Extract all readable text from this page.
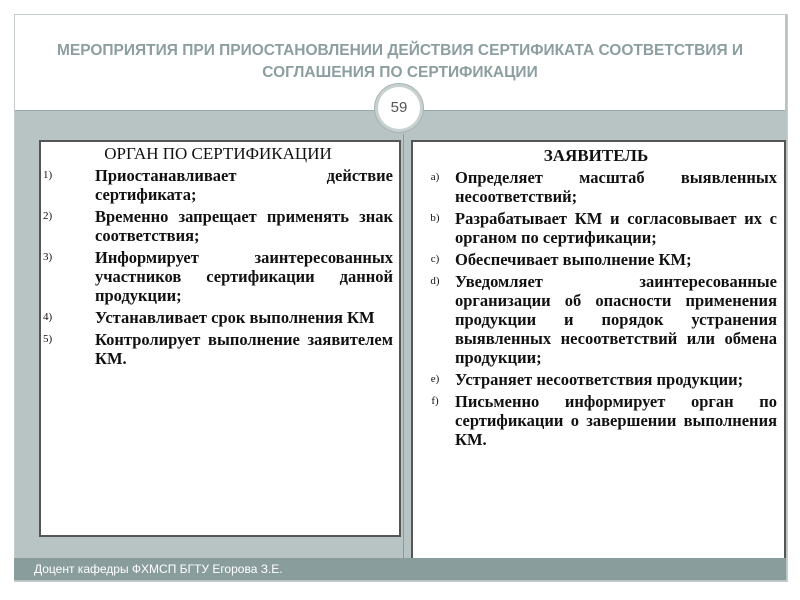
МЕРОПРИЯТИЯ ПРИ ПРИОСТАНОВЛЕНИИ ДЕЙСТВИЯ СЕРТИФИКАТА СООТВЕТСТВИЯ И СОГЛАШЕНИЯ ПО СЕРТИФИКАЦИИ
59
ОРГАН ПО СЕРТИФИКАЦИИ
1)	Приостанавливает действие сертификата;
2)	Временно запрещает применять знак соответствия;
3)	Информирует заинтересованных участников сертификации данной продукции;
4)	Устанавливает срок выполнения КМ
5)	Контролирует выполнение заявителем КМ.
ЗАЯВИТЕЛЬ
a) Определяет масштаб выявленных несоответствий;
b) Разрабатывает КМ и согласовывает их с органом по сертификации;
c) Обеспечивает выполнение КМ;
d) Уведомляет заинтересованные организации об опасности применения продукции и порядок устранения выявленных несоответствий или обмена продукции;
e) Устраняет несоответствия продукции;
f) Письменно информирует орган по сертификации о завершении выполнения КМ.
Доцент кафедры ФХМСП БГТУ Егорова З.Е.
